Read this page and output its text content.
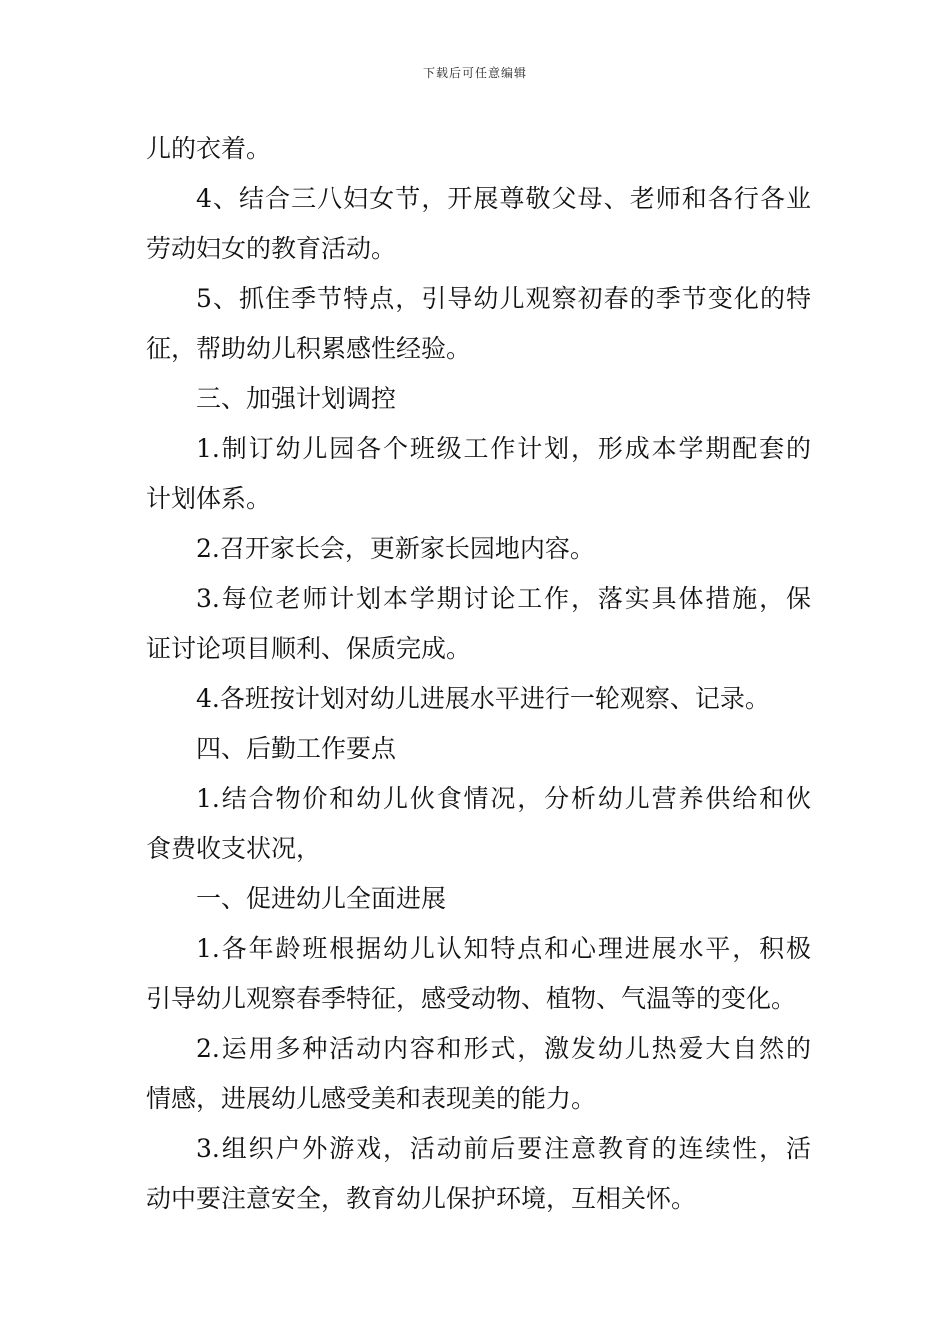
下载后可任意编辑
儿的衣着。
4、结合三八妇女节，开展尊敬父母、老师和各行各业
劳动妇女的教育活动。
5、抓住季节特点，引导幼儿观察初春的季节变化的特
征，帮助幼儿积累感性经验。
三、加强计划调控
1.制订幼儿园各个班级工作计划，形成本学期配套的
计划体系。
2.召开家长会，更新家长园地内容。
3.每位老师计划本学期讨论工作，落实具体措施，保
证讨论项目顺利、保质完成。
4.各班按计划对幼儿进展水平进行一轮观察、记录。
四、后勤工作要点
1.结合物价和幼儿伙食情况，分析幼儿营养供给和伙
食费收支状况，
一、促进幼儿全面进展
1.各年龄班根据幼儿认知特点和心理进展水平，积极
引导幼儿观察春季特征，感受动物、植物、气温等的变化。
2.运用多种活动内容和形式，激发幼儿热爱大自然的
情感，进展幼儿感受美和表现美的能力。
3.组织户外游戏，活动前后要注意教育的连续性，活
动中要注意安全，教育幼儿保护环境，互相关怀。
